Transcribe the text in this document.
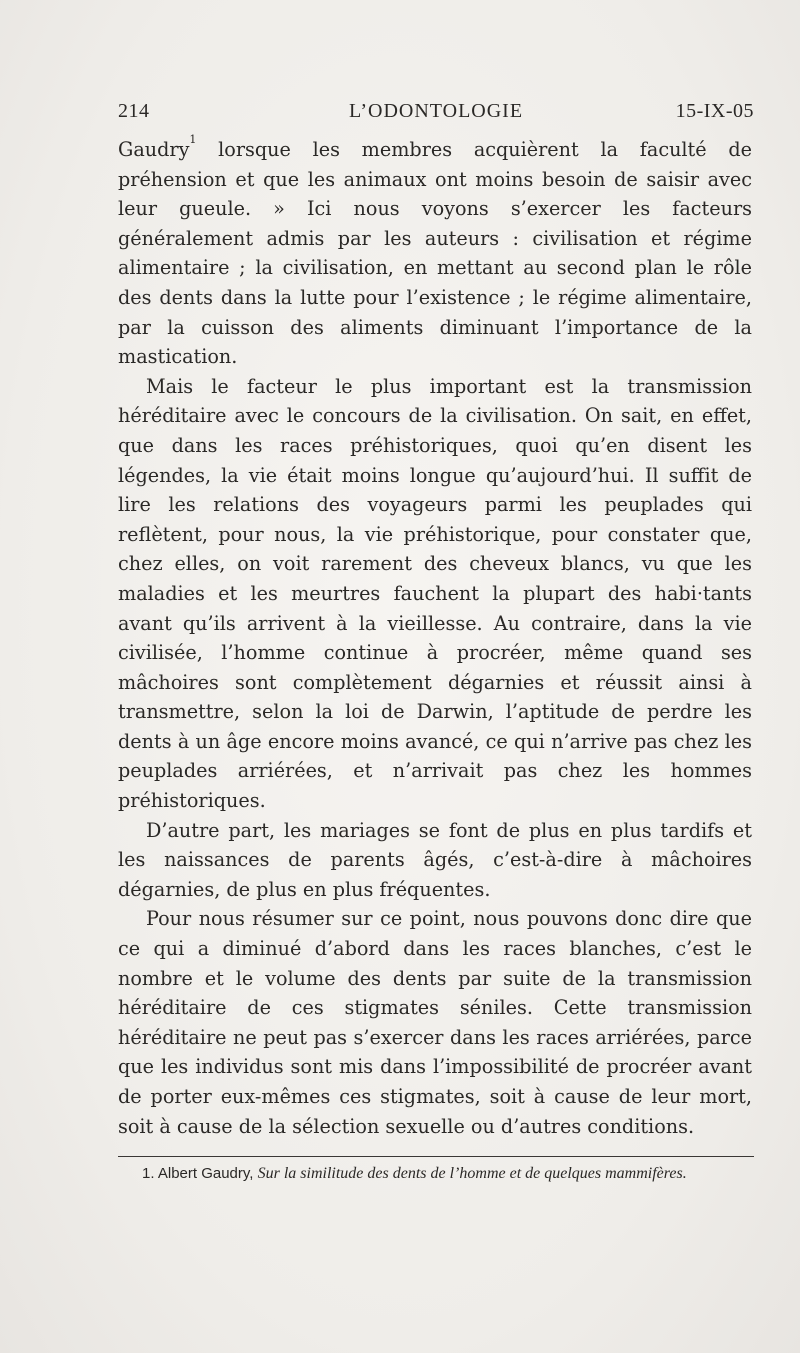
214	L’ODONTOLOGIE	15-IX-05

Gaudry$^1$ lorsque les membres acquièrent la faculté de préhension et que les animaux ont moins besoin de saisir avec leur gueule. » Ici nous voyons s’exercer les facteurs généralement admis par les auteurs : civilisation et régime alimentaire ; la civilisation, en mettant au second plan le rôle des dents dans la lutte pour l’existence ; le régime alimentaire, par la cuisson des aliments diminuant l’importance de la mastication.

Mais le facteur le plus important est la transmission héréditaire avec le concours de la civilisation. On sait, en effet, que dans les races préhistoriques, quoi qu’en disent les légendes, la vie était moins longue qu’aujourd’hui. Il suffit de lire les relations des voyageurs parmi les peuplades qui reflètent, pour nous, la vie préhistorique, pour constater que, chez elles, on voit rarement des cheveux blancs, vu que les maladies et les meurtres fauchent la plupart des habi·tants avant qu’ils arrivent à la vieillesse. Au contraire, dans la vie civilisée, l’homme continue à procréer, même quand ses mâchoires sont complètement dégarnies et réussit ainsi à transmettre, selon la loi de Darwin, l’aptitude de perdre les dents à un âge encore moins avancé, ce qui n’arrive pas chez les peuplades arriérées, et n’arrivait pas chez les hommes préhistoriques.

D’autre part, les mariages se font de plus en plus tardifs et les naissances de parents âgés, c’est-à-dire à mâchoires dégarnies, de plus en plus fréquentes.

Pour nous résumer sur ce point, nous pouvons donc dire que ce qui a diminué d’abord dans les races blanches, c’est le nombre et le volume des dents par suite de la transmission héréditaire de ces stigmates séniles. Cette transmission héréditaire ne peut pas s’exercer dans les races arriérées, parce que les individus sont mis dans l’impossibilité de procréer avant de porter eux-mêmes ces stigmates, soit à cause de leur mort, soit à cause de la sélection sexuelle ou d’autres conditions.

1. Albert Gaudry, Sur la similitude des dents de l’homme et de quelques mammifères.
